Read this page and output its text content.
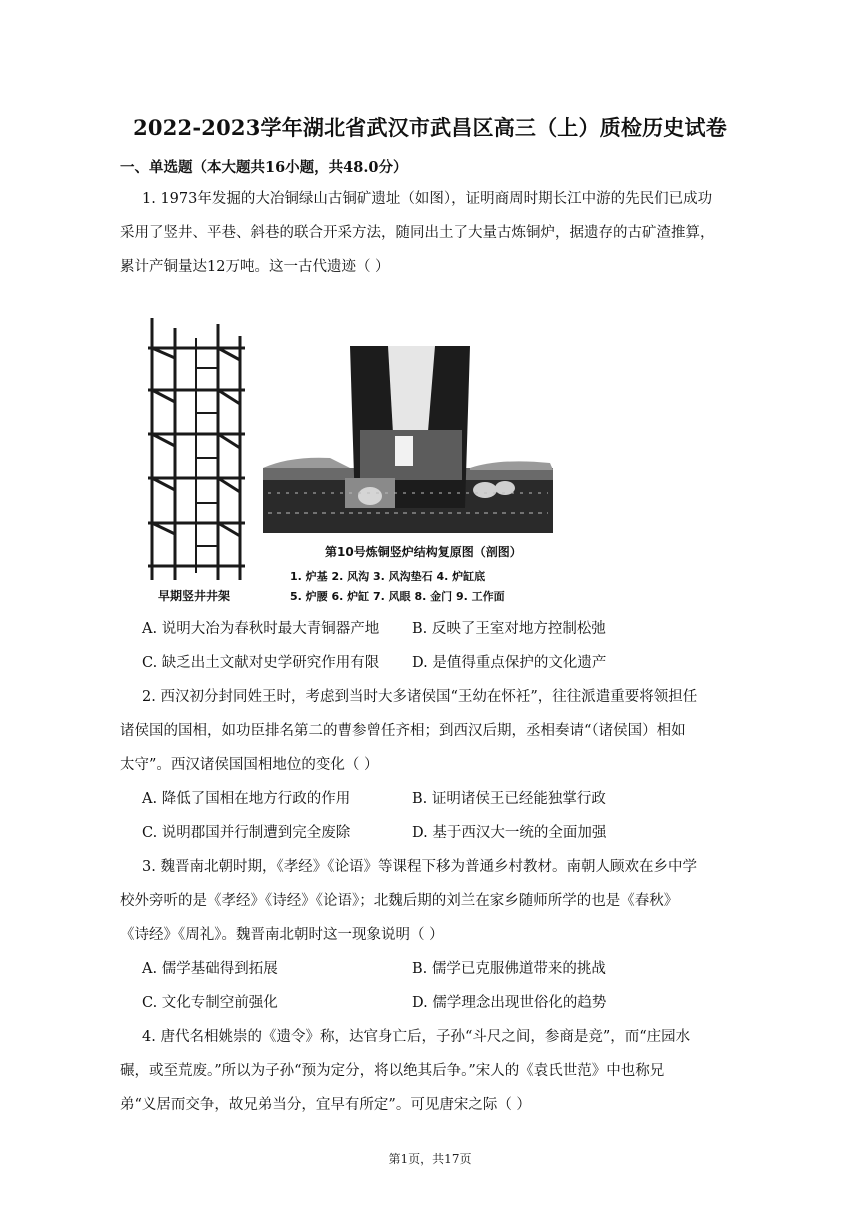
2022-2023学年湖北省武汉市武昌区高三（上）质检历史试卷
一、单选题（本大题共16小题，共48.0分）
1. 1973年发掘的大冶铜绿山古铜矿遗址（如图），证明商周时期长江中游的先民们已成功
采用了竖井、平巷、斜巷的联合开采方法，随同出土了大量古炼铜炉，据遗存的古矿渣推算，
累计产铜量达12万吨。这一古代遗迹（ ）
早期竖井井架
第10号炼铜竖炉结构复原图（剖图）
1. 炉基 2. 风沟 3. 风沟垫石 4. 炉缸底
5. 炉腰 6. 炉缸 7. 风眼 8. 金门 9. 工作面
A. 说明大冶为春秋时最大青铜器产地 B. 反映了王室对地方控制松弛
C. 缺乏出土文献对史学研究作用有限 D. 是值得重点保护的文化遗产
2. 西汉初分封同姓王时，考虑到当时大多诸侯国“王幼在怀衽”，往往派遣重要将领担任
诸侯国的国相，如功臣排名第二的曹参曾任齐相；到西汉后期，丞相奏请“（诸侯国）相如
太守”。西汉诸侯国国相地位的变化（ ）
A. 降低了国相在地方行政的作用	B. 证明诸侯王已经能独掌行政
C. 说明郡国并行制遭到完全废除	D. 基于西汉大一统的全面加强
3. 魏晋南北朝时期，《孝经》《论语》等课程下移为普通乡村教材。南朝人顾欢在乡中学
校外旁听的是《孝经》《诗经》《论语》；北魏后期的刘兰在家乡随师所学的也是《春秋》
《诗经》《周礼》。魏晋南北朝时这一现象说明（ ）
A. 儒学基础得到拓展	B. 儒学已克服佛道带来的挑战
C. 文化专制空前强化	D. 儒学理念出现世俗化的趋势
4. 唐代名相姚崇的《遗令》称，达官身亡后，子孙“斗尺之间，参商是竞”，而“庄园水
碾，或至荒废。”所以为子孙“预为定分，将以绝其后争。”宋人的《袁氏世范》中也称兄
弟“义居而交争，故兄弟当分，宜早有所定”。可见唐宋之际（ ）
第1页，共17页
